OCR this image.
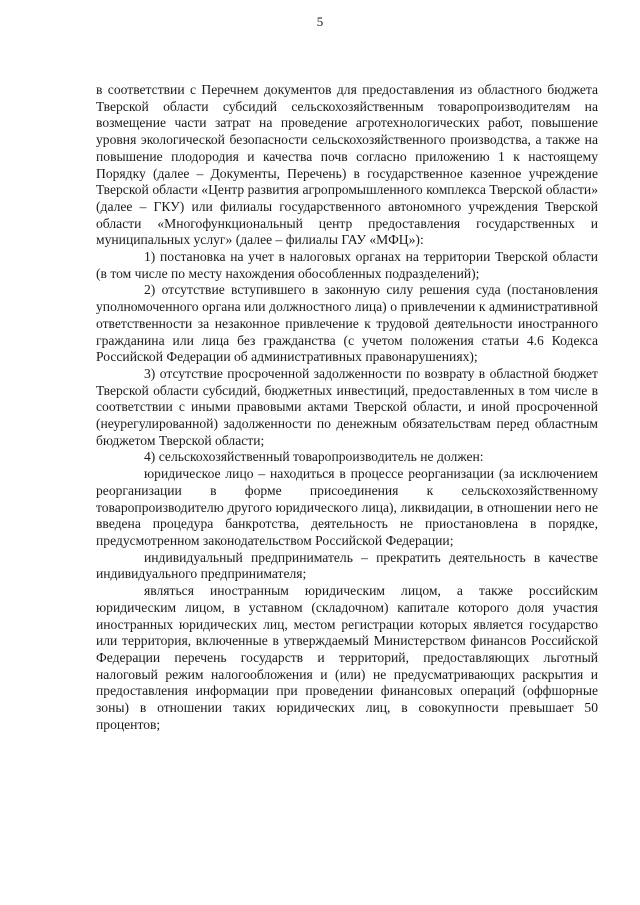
5

в соответствии с Перечнем документов для предоставления из областного бюджета Тверской области субсидий сельскохозяйственным товаропроизводителям на возмещение части затрат на проведение агротехнологических работ, повышение уровня экологической безопасности сельскохозяйственного производства, а также на повышение плодородия и качества почв согласно приложению 1 к настоящему Порядку (далее – Документы, Перечень) в государственное казенное учреждение Тверской области «Центр развития агропромышленного комплекса Тверской области» (далее – ГКУ) или филиалы государственного автономного учреждения Тверской области «Многофункциональный центр предоставления государственных и муниципальных услуг» (далее – филиалы ГАУ «МФЦ»):

1) постановка на учет в налоговых органах на территории Тверской области (в том числе по месту нахождения обособленных подразделений);

2) отсутствие вступившего в законную силу решения суда (постановления уполномоченного органа или должностного лица) о привлечении к административной ответственности за незаконное привлечение к трудовой деятельности иностранного гражданина или лица без гражданства (с учетом положения статьи 4.6 Кодекса Российской Федерации об административных правонарушениях);

3) отсутствие просроченной задолженности по возврату в областной бюджет Тверской области субсидий, бюджетных инвестиций, предоставленных в том числе в соответствии с иными правовыми актами Тверской области, и иной просроченной (неурегулированной) задолженности по денежным обязательствам перед областным бюджетом Тверской области;

4) сельскохозяйственный товаропроизводитель не должен:

юридическое лицо – находиться в процессе реорганизации (за исключением реорганизации в форме присоединения к сельскохозяйственному товаропроизводителю другого юридического лица), ликвидации, в отношении него не введена процедура банкротства, деятельность не приостановлена в порядке, предусмотренном законодательством Российской Федерации;

индивидуальный предприниматель – прекратить деятельность в качестве индивидуального предпринимателя;

являться иностранным юридическим лицом, а также российским юридическим лицом, в уставном (складочном) капитале которого доля участия иностранных юридических лиц, местом регистрации которых является государство или территория, включенные в утверждаемый Министерством финансов Российской Федерации перечень государств и территорий, предоставляющих льготный налоговый режим налогообложения и (или) не предусматривающих раскрытия и предоставления информации при проведении финансовых операций (оффшорные зоны) в отношении таких юридических лиц, в совокупности превышает 50 процентов;
